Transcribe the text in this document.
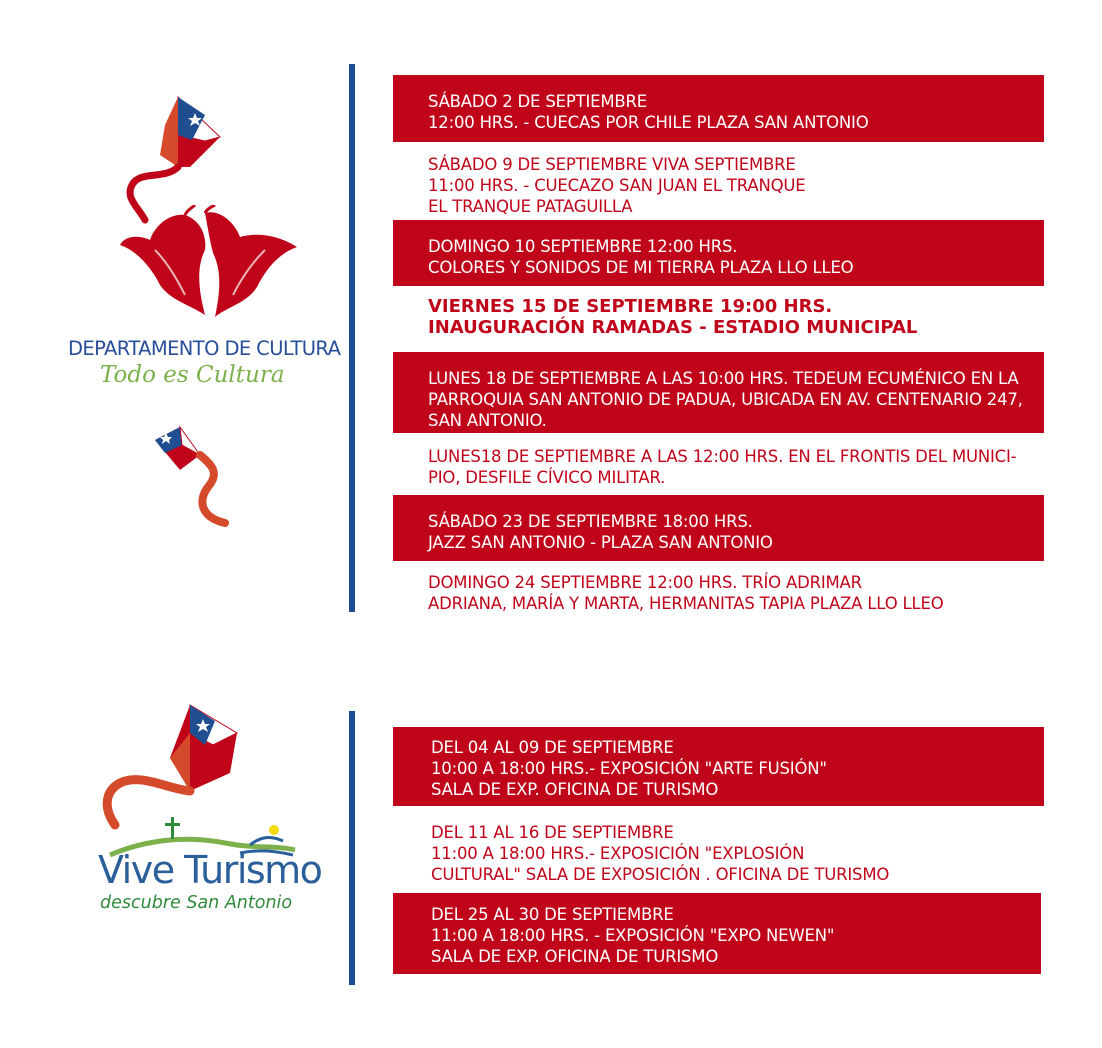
DEPARTAMENTO DE CULTURA
Todo es Cultura
SÁBADO 2 DE SEPTIEMBRE
12:00 HRS. - CUECAS POR CHILE PLAZA SAN ANTONIO
SÁBADO 9 DE SEPTIEMBRE VIVA SEPTIEMBRE
11:00 HRS. - CUECAZO SAN JUAN EL TRANQUE
EL TRANQUE PATAGUILLA
DOMINGO 10 SEPTIEMBRE 12:00 HRS.
COLORES Y SONIDOS DE MI TIERRA PLAZA LLO LLEO
VIERNES 15 DE SEPTIEMBRE 19:00 HRS.
INAUGURACIÓN RAMADAS - ESTADIO MUNICIPAL
LUNES 18 DE SEPTIEMBRE A LAS 10:00 HRS. TEDEUM ECUMÉNICO EN LA
PARROQUIA SAN ANTONIO DE PADUA, UBICADA EN AV. CENTENARIO 247,
SAN ANTONIO.
LUNES18 DE SEPTIEMBRE A LAS 12:00 HRS. EN EL FRONTIS DEL MUNICI-
PIO, DESFILE CÍVICO MILITAR.
SÁBADO 23 DE SEPTIEMBRE 18:00 HRS.
JAZZ SAN ANTONIO - PLAZA SAN ANTONIO
DOMINGO 24 SEPTIEMBRE 12:00 HRS. TRÍO ADRIMAR
ADRIANA, MARÍA Y MARTA, HERMANITAS TAPIA PLAZA LLO LLEO
Vive Turismo
descubre San Antonio
DEL 04 AL 09 DE SEPTIEMBRE
10:00 A 18:00 HRS.- EXPOSICIÓN "ARTE FUSIÓN"
SALA DE EXP. OFICINA DE TURISMO
DEL 11 AL 16 DE SEPTIEMBRE
11:00 A 18:00 HRS.- EXPOSICIÓN "EXPLOSIÓN
CULTURAL" SALA DE EXPOSICIÓN . OFICINA DE TURISMO
DEL 25 AL 30 DE SEPTIEMBRE
11:00 A 18:00 HRS. - EXPOSICIÓN "EXPO NEWEN"
SALA DE EXP. OFICINA DE TURISMO
